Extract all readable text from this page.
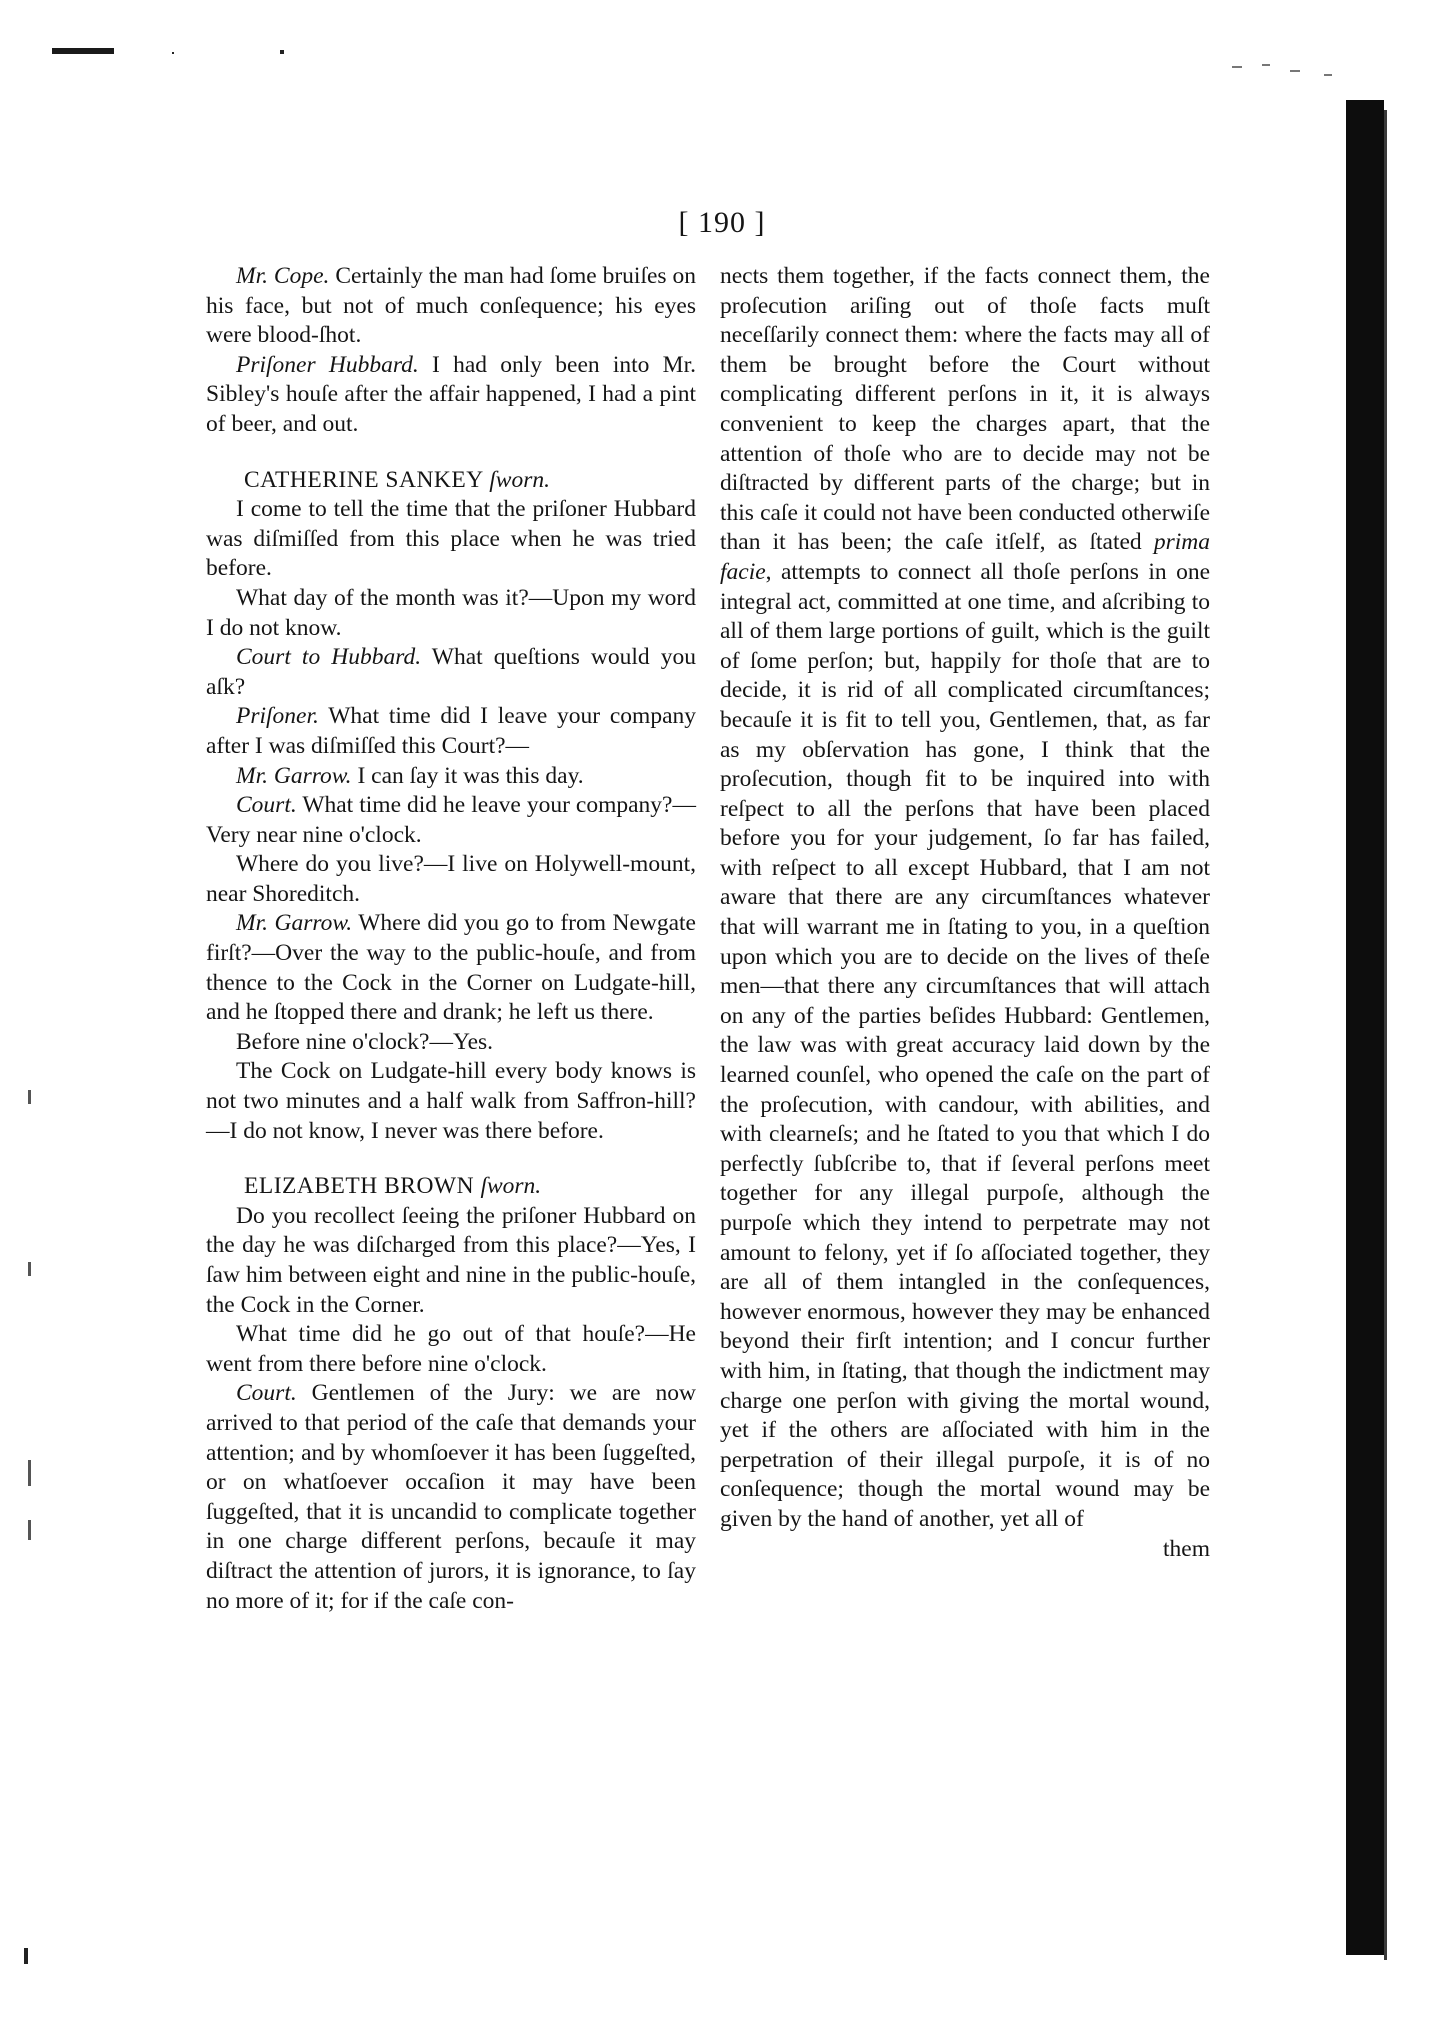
[ 190 ]

Mr. Cope. Certainly the man had ſome bruiſes on his face, but not of much conſequence; his eyes were blood-ſhot.

Priſoner Hubbard. I had only been into Mr. Sibley's houſe after the affair happened, I had a pint of beer, and out.

CATHERINE SANKEY ſworn.

I come to tell the time that the priſoner Hubbard was diſmiſſed from this place when he was tried before.

What day of the month was it?—Upon my word I do not know.

Court to Hubbard. What queſtions would you aſk?

Priſoner. What time did I leave your company after I was diſmiſſed this Court?—

Mr. Garrow. I can ſay it was this day.

Court. What time did he leave your company?—Very near nine o'clock.

Where do you live?—I live on Holywell-mount, near Shoreditch.

Mr. Garrow. Where did you go to from Newgate firſt?—Over the way to the public-houſe, and from thence to the Cock in the Corner on Ludgate-hill, and he ſtopped there and drank; he left us there.

Before nine o'clock?—Yes.

The Cock on Ludgate-hill every body knows is not two minutes and a half walk from Saffron-hill?—I do not know, I never was there before.

ELIZABETH BROWN ſworn.

Do you recollect ſeeing the priſoner Hubbard on the day he was diſcharged from this place?—Yes, I ſaw him between eight and nine in the public-houſe, the Cock in the Corner.

What time did he go out of that houſe?—He went from there before nine o'clock.

Court. Gentlemen of the Jury: we are now arrived to that period of the caſe that demands your attention; and by whomſoever it has been ſuggeſted, or on whatſoever occaſion it may have been ſuggeſted, that it is uncandid to complicate together in one charge different perſons, becauſe it may diſtract the attention of jurors, it is ignorance, to ſay no more of it; for if the caſe con-

nects them together, if the facts connect them, the proſecution ariſing out of thoſe facts muſt neceſſarily connect them: where the facts may all of them be brought before the Court without complicating different perſons in it, it is always convenient to keep the charges apart, that the attention of thoſe who are to decide may not be diſtracted by different parts of the charge; but in this caſe it could not have been conducted otherwiſe than it has been; the caſe itſelf, as ſtated prima facie, attempts to connect all thoſe perſons in one integral act, committed at one time, and aſcribing to all of them large portions of guilt, which is the guilt of ſome perſon; but, happily for thoſe that are to decide, it is rid of all complicated circumſtances; becauſe it is fit to tell you, Gentlemen, that, as far as my obſervation has gone, I think that the proſecution, though fit to be inquired into with reſpect to all the perſons that have been placed before you for your judgement, ſo far has failed, with reſpect to all except Hubbard, that I am not aware that there are any circumſtances whatever that will warrant me in ſtating to you, in a queſtion upon which you are to decide on the lives of theſe men—that there any circumſtances that will attach on any of the parties beſides Hubbard: Gentlemen, the law was with great accuracy laid down by the learned counſel, who opened the caſe on the part of the proſecution, with candour, with abilities, and with clearneſs; and he ſtated to you that which I do perfectly ſubſcribe to, that if ſeveral perſons meet together for any illegal purpoſe, although the purpoſe which they intend to perpetrate may not amount to felony, yet if ſo aſſociated together, they are all of them intangled in the conſequences, however enormous, however they may be enhanced beyond their firſt intention; and I concur further with him, in ſtating, that though the indictment may charge one perſon with giving the mortal wound, yet if the others are aſſociated with him in the perpetration of their illegal purpoſe, it is of no conſequence; though the mortal wound may be given by the hand of another, yet all of

them
